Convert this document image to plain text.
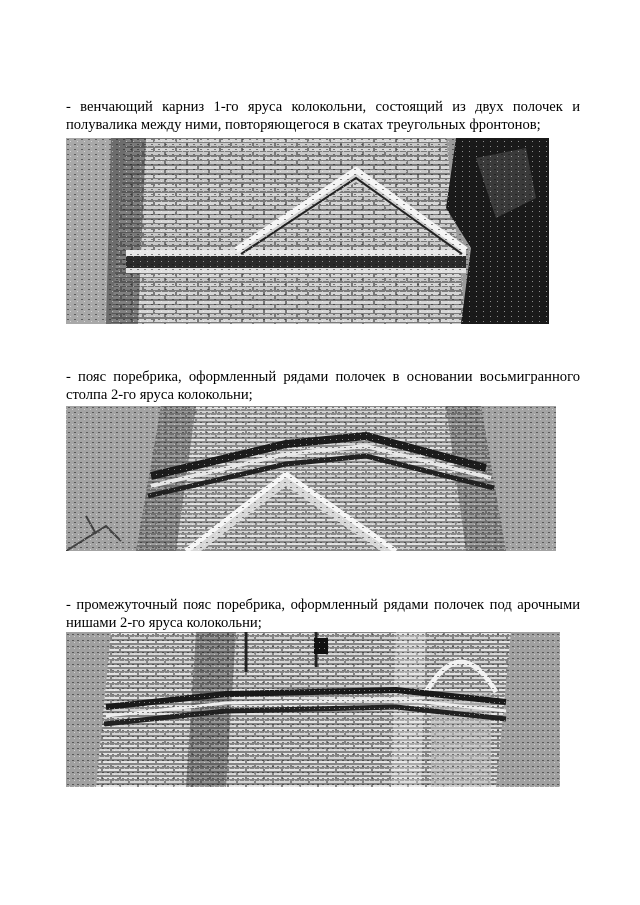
- венчающий карниз 1-го яруса колокольни, состоящий из двух полочек и полувалика между ними, повторяющегося в скатах треугольных фронтонов;

- пояс поребрика, оформленный рядами полочек в основании восьмигранного столпа 2-го яруса колокольни;

- промежуточный пояс поребрика, оформленный рядами полочек под арочными нишами 2-го яруса колокольни;
